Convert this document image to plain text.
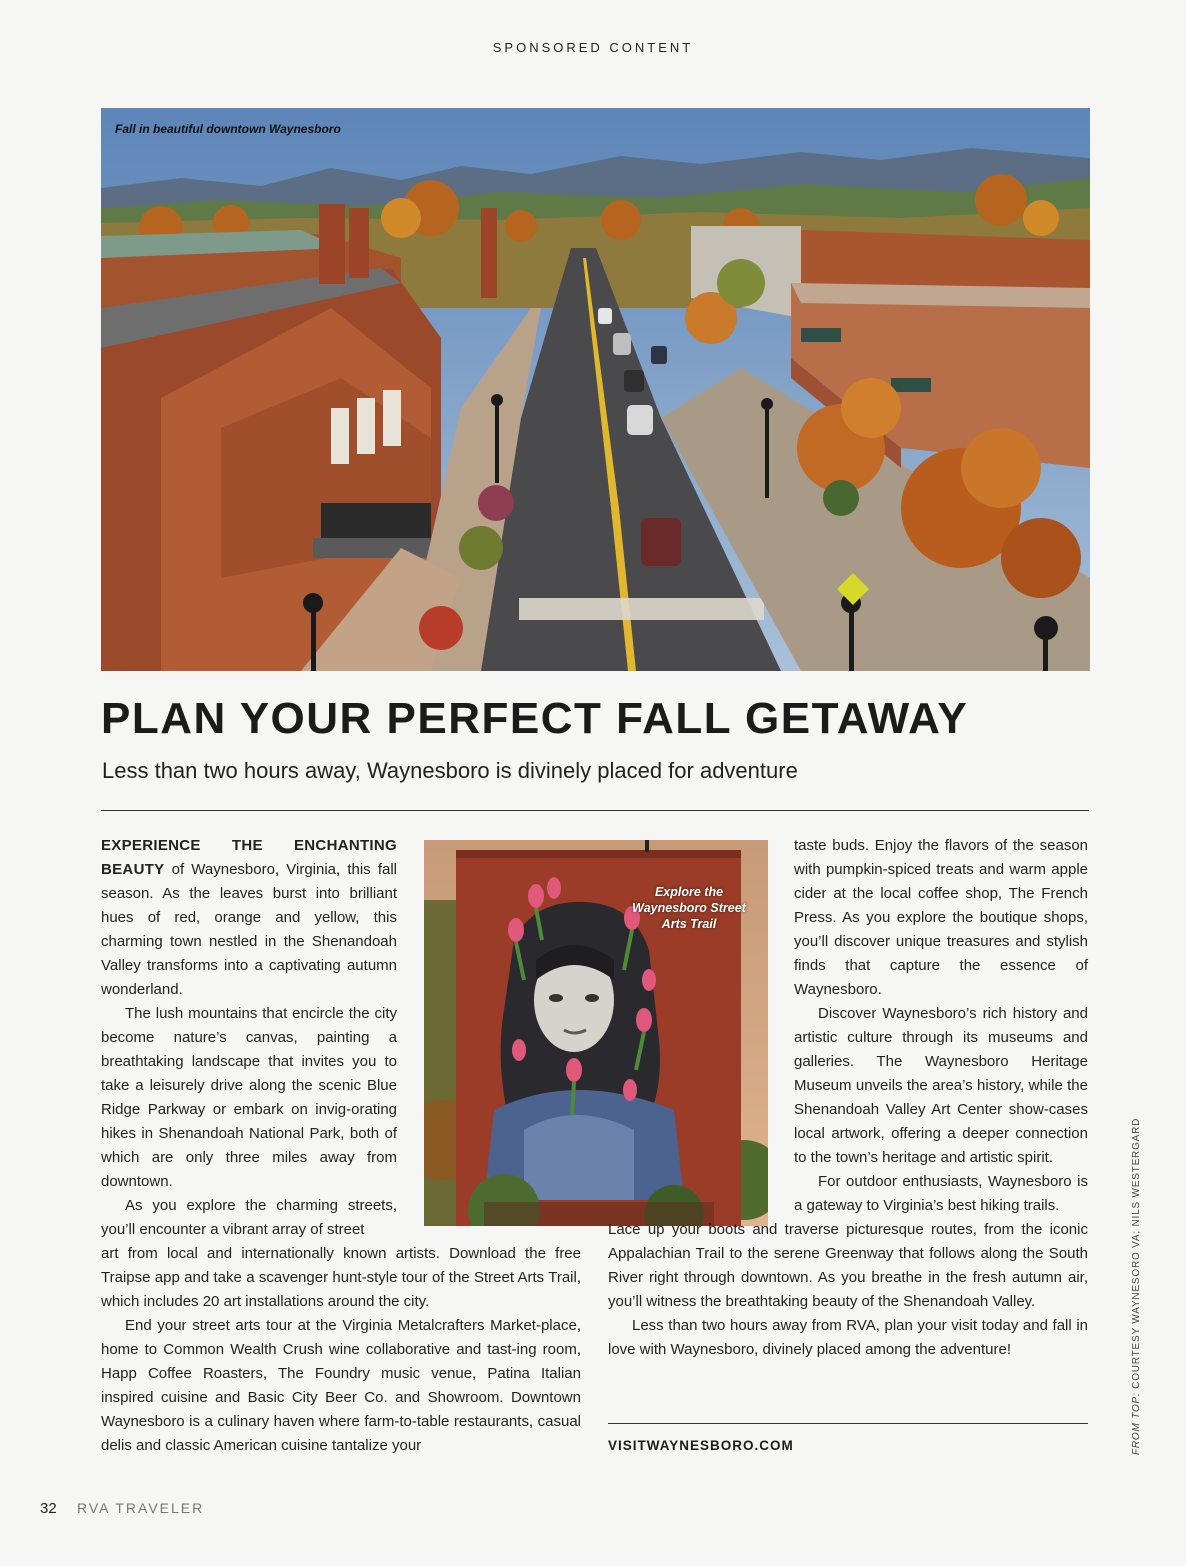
SPONSORED CONTENT
Fall in beautiful downtown Waynesboro
PLAN YOUR PERFECT FALL GETAWAY
Less than two hours away, Waynesboro is divinely placed for adventure

EXPERIENCE THE ENCHANTING BEAUTY of Waynesboro, Virginia, this fall season. As the leaves burst into brilliant hues of red, orange and yellow, this charming town nestled in the Shenandoah Valley transforms into a captivating autumn wonderland.

The lush mountains that encircle the city become nature’s canvas, painting a breathtaking landscape that invites you to take a leisurely drive along the scenic Blue Ridge Parkway or embark on invig-orating hikes in Shenandoah National Park, both of which are only three miles away from downtown.

As you explore the charming streets, you’ll encounter a vibrant array of street

art from local and internationally known artists. Download the free Traipse app and take a scavenger hunt-style tour of the Street Arts Trail, which includes 20 art installations around the city.

End your street arts tour at the Virginia Metalcrafters Market-place, home to Common Wealth Crush wine collaborative and tast-ing room, Happ Coffee Roasters, The Foundry music venue, Patina Italian inspired cuisine and Basic City Beer Co. and Showroom. Downtown Waynesboro is a culinary haven where farm-to-table restaurants, casual delis and classic American cuisine tantalize your

Explore the Waynesboro Street Arts Trail

taste buds. Enjoy the flavors of the season with pumpkin-spiced treats and warm apple cider at the local coffee shop, The French Press. As you explore the boutique shops, you’ll discover unique treasures and stylish finds that capture the essence of Waynesboro.

Discover Waynesboro’s rich history and artistic culture through its museums and galleries. The Waynesboro Heritage Museum unveils the area’s history, while the Shenandoah Valley Art Center show-cases local artwork, offering a deeper connection to the town’s heritage and artistic spirit.

For outdoor enthusiasts, Waynesboro is a gateway to Virginia’s best hiking trails.

Lace up your boots and traverse picturesque routes, from the iconic Appalachian Trail to the serene Greenway that follows along the South River right through downtown. As you breathe in the fresh autumn air, you’ll witness the breathtaking beauty of the Shenandoah Valley.

Less than two hours away from RVA, plan your visit today and fall in love with Waynesboro, divinely placed among the adventure!

VISITWAYNESBORO.COM	FROM TOP: COURTESY WAYNESORO VA; NILS WESTERGARD
32 RVA TRAVELER
